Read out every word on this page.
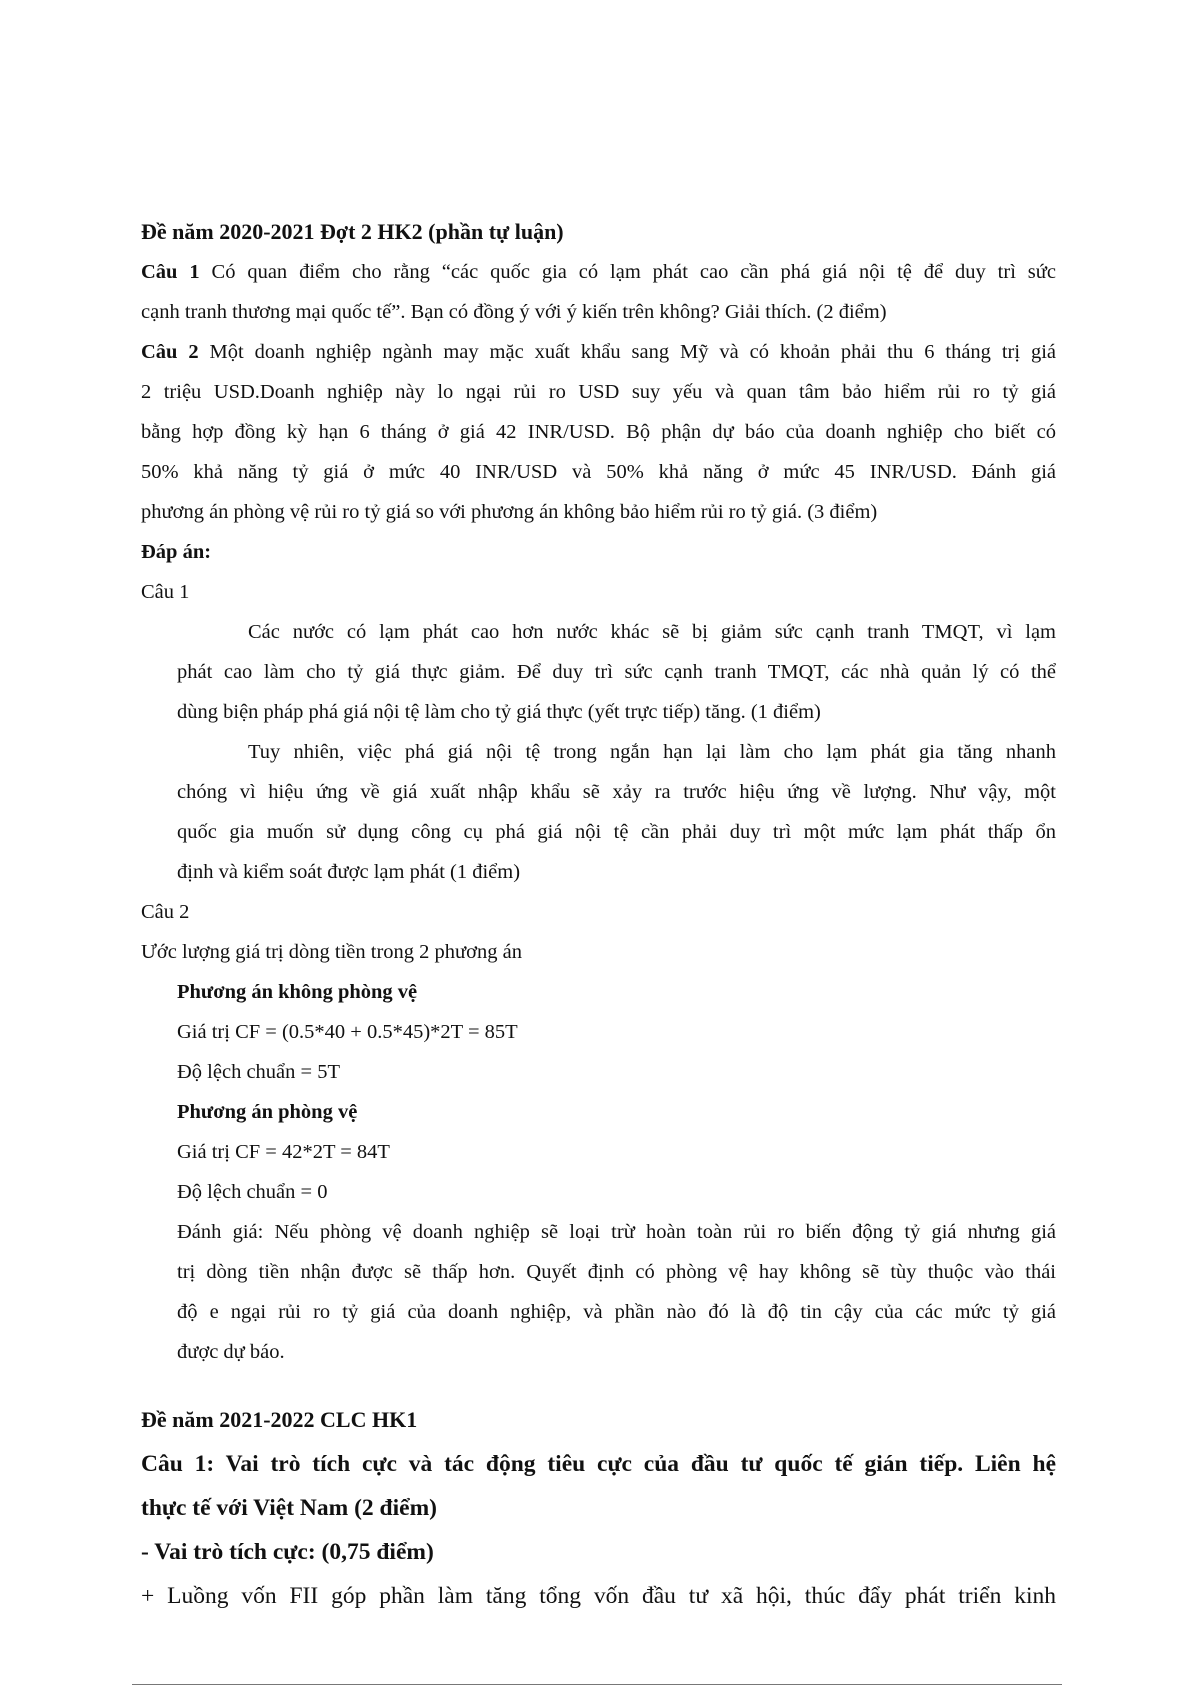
Đề năm 2020-2021 Đợt 2 HK2 (phần tự luận)
Câu 1 Có quan điểm cho rằng “các quốc gia có lạm phát cao cần phá giá nội tệ để duy trì sức
cạnh tranh thương mại quốc tế”. Bạn có đồng ý với ý kiến trên không? Giải thích. (2 điểm)
Câu 2 Một doanh nghiệp ngành may mặc xuất khẩu sang Mỹ và có khoản phải thu 6 tháng trị giá
2 triệu USD.Doanh nghiệp này lo ngại rủi ro USD suy yếu và quan tâm bảo hiểm rủi ro tỷ giá
bằng hợp đồng kỳ hạn 6 tháng ở giá 42 INR/USD. Bộ phận dự báo của doanh nghiệp cho biết có
50% khả năng tỷ giá ở mức 40 INR/USD và 50% khả năng ở mức 45 INR/USD. Đánh giá
phương án phòng vệ rủi ro tỷ giá so với phương án không bảo hiểm rủi ro tỷ giá. (3 điểm)
Đáp án:
Câu 1
Các nước có lạm phát cao hơn nước khác sẽ bị giảm sức cạnh tranh TMQT, vì lạm
phát cao làm cho tỷ giá thực giảm. Để duy trì sức cạnh tranh TMQT, các nhà quản lý có thể
dùng biện pháp phá giá nội tệ làm cho tỷ giá thực (yết trực tiếp) tăng. (1 điểm)
Tuy nhiên, việc phá giá nội tệ trong ngắn hạn lại làm cho lạm phát gia tăng nhanh
chóng vì hiệu ứng về giá xuất nhập khẩu sẽ xảy ra trước hiệu ứng về lượng. Như vậy, một
quốc gia muốn sử dụng công cụ phá giá nội tệ cần phải duy trì một mức lạm phát thấp ổn
định và kiểm soát được lạm phát (1 điểm)
Câu 2
Ước lượng giá trị dòng tiền trong 2 phương án
Phương án không phòng vệ
Giá trị CF = (0.5*40 + 0.5*45)*2T = 85T
Độ lệch chuẩn = 5T
Phương án phòng vệ
Giá trị CF = 42*2T = 84T
Độ lệch chuẩn = 0
Đánh giá: Nếu phòng vệ doanh nghiệp sẽ loại trừ hoàn toàn rủi ro biến động tỷ giá nhưng giá
trị dòng tiền nhận được sẽ thấp hơn. Quyết định có phòng vệ hay không sẽ tùy thuộc vào thái
độ e ngại rủi ro tỷ giá của doanh nghiệp, và phần nào đó là độ tin cậy của các mức tỷ giá
được dự báo.
Đề năm 2021-2022 CLC HK1
Câu 1: Vai trò tích cực và tác động tiêu cực của đầu tư quốc tế gián tiếp. Liên hệ
thực tế với Việt Nam (2 điểm)
- Vai trò tích cực: (0,75 điểm)
+ Luồng vốn FII góp phần làm tăng tổng vốn đầu tư xã hội, thúc đẩy phát triển kinh
